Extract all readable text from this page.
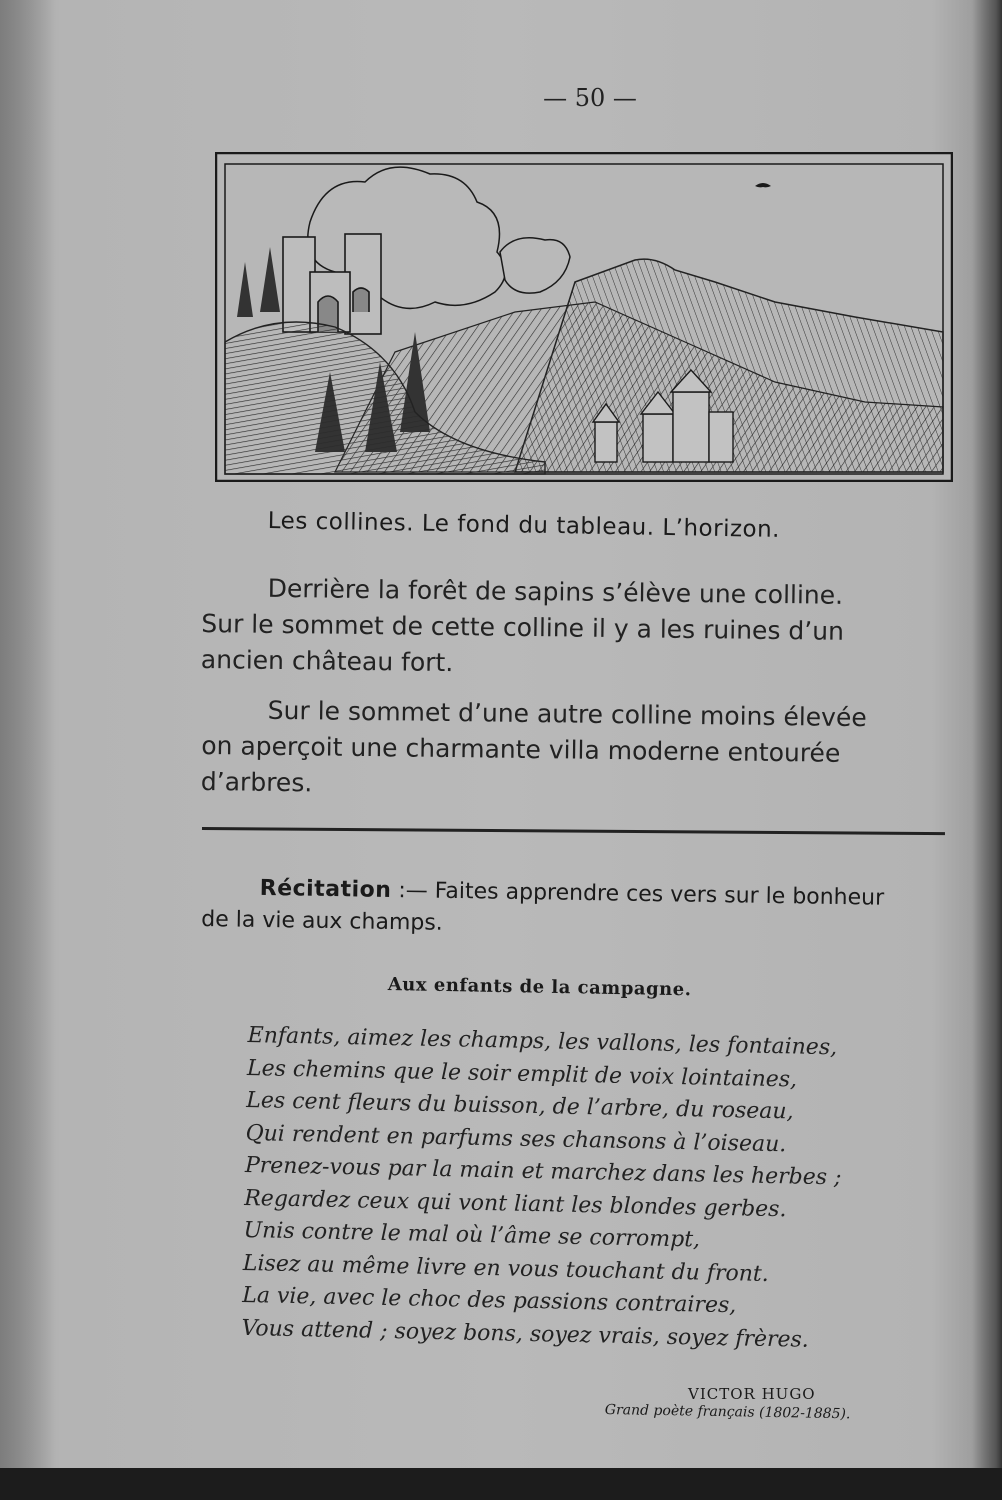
— 50 —
Les collines. Le fond du tableau. L’horizon.
Derrière la forêt de sapins s’élève une colline.
Sur le sommet de cette colline il y a les ruines d’un
ancien château fort.
Sur le sommet d’une autre colline moins élevée
on aperçoit une charmante villa moderne entourée
d’arbres.
Récitation :— Faites apprendre ces vers sur le bonheur
de la vie aux champs.
Aux enfants de la campagne.
Enfants, aimez les champs, les vallons, les fontaines,
Les chemins que le soir emplit de voix lointaines,
Les cent fleurs du buisson, de l’arbre, du roseau,
Qui rendent en parfums ses chansons à l’oiseau.
Prenez-vous par la main et marchez dans les herbes ;
Regardez ceux qui vont liant les blondes gerbes.
Unis contre le mal où l’âme se corrompt,
Lisez au même livre en vous touchant du front.
La vie, avec le choc des passions contraires,
Vous attend ; soyez bons, soyez vrais, soyez frères.
VICTOR HUGO
Grand poète français (1802-1885).
